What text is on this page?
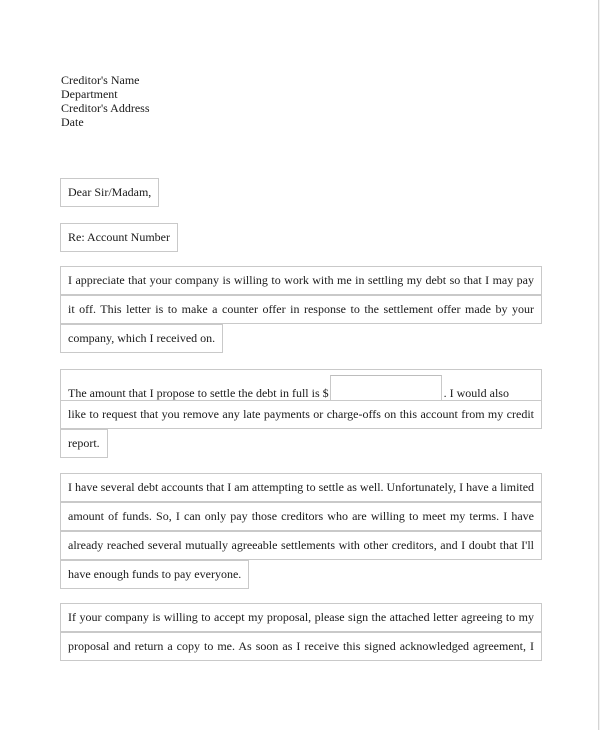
Creditor's Name
Department
Creditor's Address
Date
Dear Sir/Madam,
Re: Account Number
I appreciate that your company is willing to work with me in settling my debt so that I may pay
it off. This letter is to make a counter offer in response to the settlement offer made by your
company, which I received on.
The amount that I propose to settle the debt in full is $	. I would also
like to request that you remove any late payments or charge-offs on this account from my credit
report.
I have several debt accounts that I am attempting to settle as well. Unfortunately, I have a limited
amount of funds. So, I can only pay those creditors who are willing to meet my terms. I have
already reached several mutually agreeable settlements with other creditors, and I doubt that I'll
have enough funds to pay everyone.
If your company is willing to accept my proposal, please sign the attached letter agreeing to my
proposal and return a copy to me. As soon as I receive this signed acknowledged agreement, I
